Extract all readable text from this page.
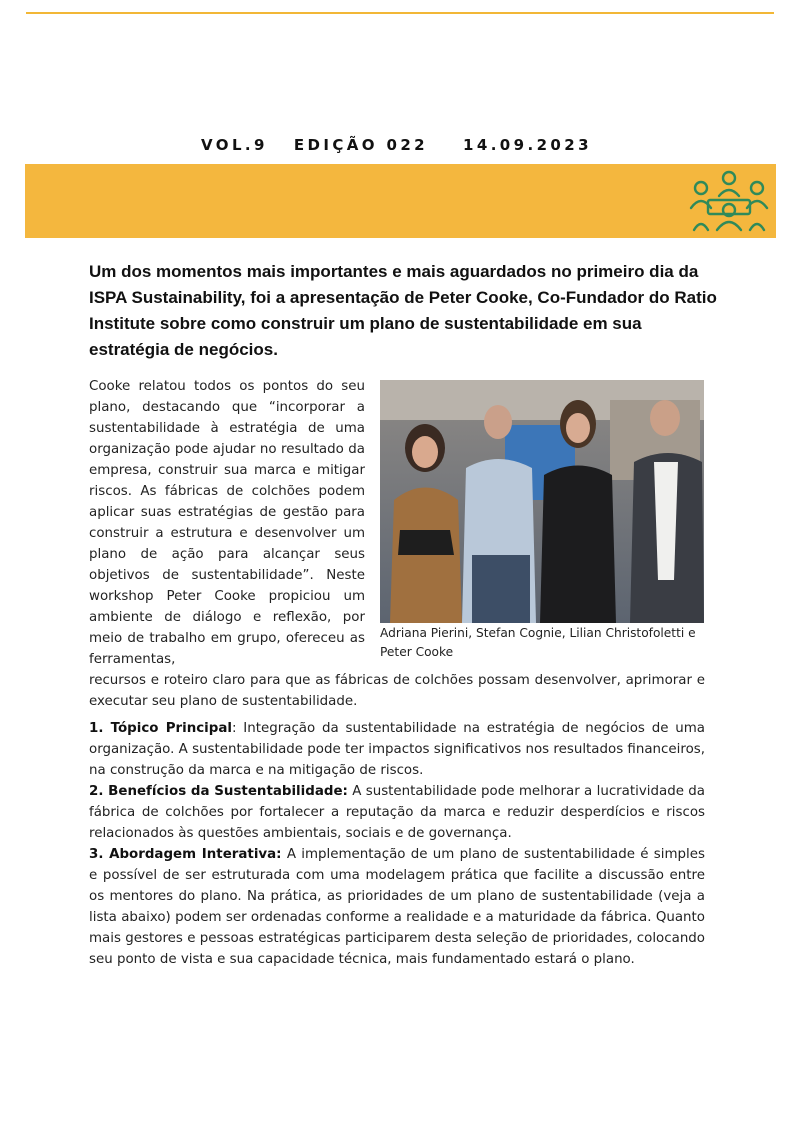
VOL.9 EDIÇÃO 022 14.09.2023
Um dos momentos mais importantes e mais aguardados no primeiro dia da ISPA Sustainability, foi a apresentação de Peter Cooke, Co-Fundador do Ratio Institute sobre como construir um plano de sustentabilidade em sua estratégia de negócios.
Cooke relatou todos os pontos do seu plano, destacando que “incorporar a sustentabilidade à estratégia de uma organização pode ajudar no resultado da empresa, construir sua marca e mitigar riscos. As fábricas de colchões podem aplicar suas estratégias de gestão para construir a estrutura e desenvolver um plano de ação para alcançar seus objetivos de sustentabilidade”. Neste workshop Peter Cooke propiciou um ambiente de diálogo e reflexão, por meio de trabalho em grupo, ofereceu as ferramentas,
Adriana Pierini, Stefan Cognie, Lilian Christofoletti e Peter Cooke
recursos e roteiro claro para que as fábricas de colchões possam desenvolver, aprimorar e executar seu plano de sustentabilidade.

1. Tópico Principal: Integração da sustentabilidade na estratégia de negócios de uma organização. A sustentabilidade pode ter impactos significativos nos resultados financeiros, na construção da marca e na mitigação de riscos.

2. Benefícios da Sustentabilidade: A sustentabilidade pode melhorar a lucratividade da fábrica de colchões por fortalecer a reputação da marca e reduzir desperdícios e riscos relacionados às questões ambientais, sociais e de governança.

3. Abordagem Interativa: A implementação de um plano de sustentabilidade é simples e possível de ser estruturada com uma modelagem prática que facilite a discussão entre os mentores do plano. Na prática, as prioridades de um plano de sustentabilidade (veja a lista abaixo) podem ser ordenadas conforme a realidade e a maturidade da fábrica. Quanto mais gestores e pessoas estratégicas participarem desta seleção de prioridades, colocando seu ponto de vista e sua capacidade técnica, mais fundamentado estará o plano.
